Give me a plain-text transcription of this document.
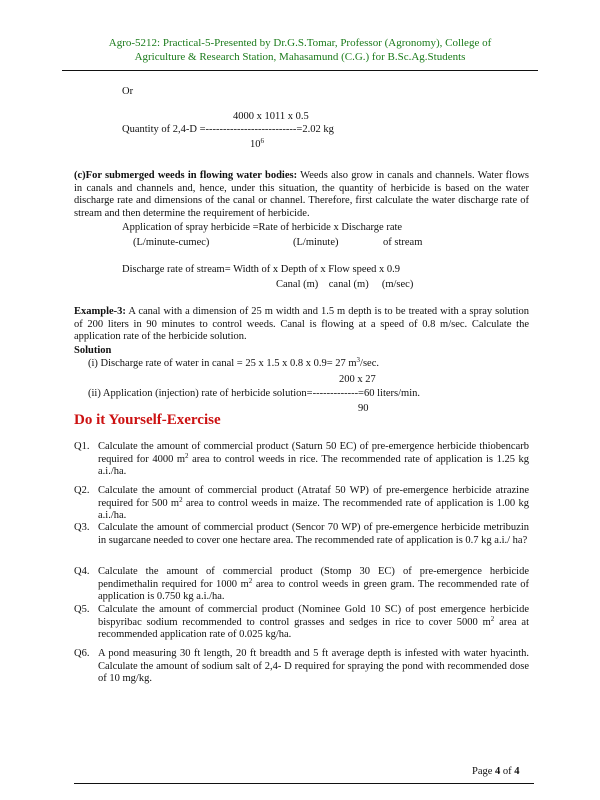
Agro-5212: Practical-5-Presented by Dr.G.S.Tomar, Professor (Agronomy), College of
Agriculture & Research Station, Mahasamund (C.G.) for B.Sc.Ag.Students
Or
4000 x 1011 x 0.5
Quantity of 2,4-D =--------------------------=2.02 kg
$10^6$
(c)For submerged weeds in flowing water bodies: Weeds also grow in canals and channels. Water flows in canals and channels and, hence, under this situation, the quantity of herbicide is based on the water discharge rate and dimensions of the canal or channel. Therefore, first calculate the water discharge rate of stream and then determine the requirement of herbicide.
Application of spray herbicide =Rate of herbicide x Discharge rate
(L/minute-cumec)	(L/minute)	of stream
Discharge rate of stream= Width of x Depth of x Flow speed x 0.9
Canal (m)    canal (m)     (m/sec)
Example-3: A canal with a dimension of 25 m width and 1.5 m depth is to be treated with a spray solution of 200 liters in 90 minutes to control weeds. Canal is flowing at a speed of 0.8 m/sec. Calculate the application rate of the herbicide solution.
Solution
(i) Discharge rate of water in canal = 25 x 1.5 x 0.8 x 0.9= 27 $m^3/\sec$.
200 x 27
(ii) Application (injection) rate of herbicide solution=-------------=60 liters/min.
90
Do it Yourself-Exercise
Q1. Calculate the amount of commercial product (Saturn 50 EC) of pre-emergence herbicide thiobencarb required for 4000 $m^2$ area to control weeds in rice. The recommended rate of application is 1.25 kg a.i./ha.
Q2. Calculate the amount of commercial product (Atrataf 50 WP) of pre-emergence herbicide atrazine required for 500 $m^2$ area to control weeds in maize. The recommended rate of application is 1.00 kg a.i./ha.
Q3. Calculate the amount of commercial product (Sencor 70 WP) of pre-emergence herbicide metribuzin in sugarcane needed to cover one hectare area. The recommended rate of application is 0.7 kg a.i./ ha?
Q4. Calculate the amount of commercial product (Stomp 30 EC) of pre-emergence herbicide pendimethalin required for 1000 $m^2$ area to control weeds in green gram. The recommended rate of application is 0.750 kg a.i./ha.
Q5. Calculate the amount of commercial product (Nominee Gold 10 SC) of post emergence herbicide bispyribac sodium recommended to control grasses and sedges in rice to cover 5000 $m^2$ area at recommended application rate of 0.025 kg/ha.
Q6. A pond measuring 30 ft length, 20 ft breadth and 5 ft average depth is infested with water hyacinth. Calculate the amount of sodium salt of 2,4- D required for spraying the pond with recommended dose of 10 mg/kg.
Page 4 of 4
